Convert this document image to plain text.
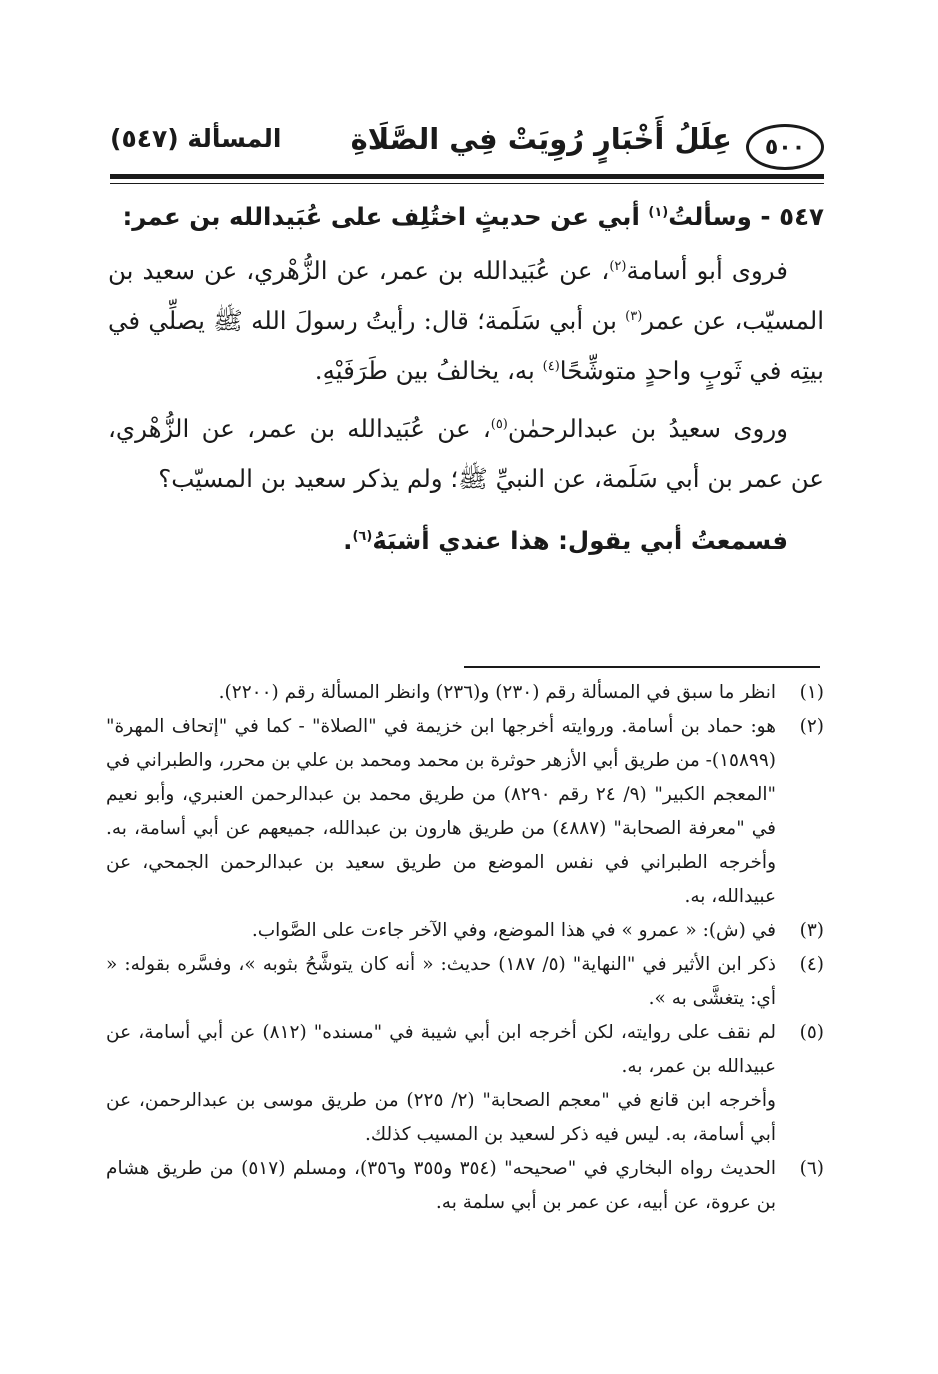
٥٠٠
عِلَلُ أَخْبَارٍ رُوِيَتْ فِي الصَّلَاةِ
المسألة (٥٤٧)

٥٤٧ - وسألتُ$^{(١)}$ أبي عن حديثٍ اختُلِف على عُبَيدالله بن عمر:

فروى أبو أسامة$^{(٢)}$، عن عُبَيدالله بن عمر، عن الزُّهْري، عن سعيد بن المسيّب، عن عمر$^{(٣)}$ بن أبي سَلَمة؛ قال: رأيتُ رسولَ الله ﷺ يصلِّي في بيتِه في ثَوبٍ واحدٍ متوشِّحًا$^{(٤)}$ به، يخالفُ بين طَرَفَيْهِ.

وروى سعيدُ بن عبدالرحمٰن$^{(٥)}$، عن عُبَيدالله بن عمر، عن الزُّهْري، عن عمر بن أبي سَلَمة، عن النبيِّ ﷺ؛ ولم يذكر سعيد بن المسيّب؟

فسمعتُ أبي يقول: هذا عندي أشبَهُ$^{(٦)}$.

(١)

انظر ما سبق في المسألة رقم (٢٣٠) و(٢٣٦) وانظر المسألة رقم (٢٢٠٠).

(٢)

هو: حماد بن أسامة. وروايته أخرجها ابن خزيمة في "الصلاة" - كما في "إتحاف المهرة" (١٥٨٩٩)- من طريق أبي الأزهر حوثرة بن محمد ومحمد بن علي بن محرر، والطبراني في "المعجم الكبير" (٩/ ٢٤ رقم ٨٢٩٠) من طريق محمد بن عبدالرحمن العنبري، وأبو نعيم في "معرفة الصحابة" (٤٨٨٧) من طريق هارون بن عبدالله، جميعهم عن أبي أسامة، به. وأخرجه الطبراني في نفس الموضع من طريق سعيد بن عبدالرحمن الجمحي، عن عبيدالله، به.

(٣)

في (ش): « عمرو » في هذا الموضع، وفي الآخر جاءت على الصَّواب.

(٤)

ذكر ابن الأثير في "النهاية" (٥/ ١٨٧) حديث: « أنه كان يتوشَّحُ بثوبه »، وفسَّره بقوله: « أي: يتغشَّى به ».

(٥)

لم نقف على روايته، لكن أخرجه ابن أبي شيبة في "مسنده" (٨١٢) عن أبي أسامة، عن عبيدالله بن عمر، به.

وأخرجه ابن قانع في "معجم الصحابة" (٢/ ٢٢٥) من طريق موسى بن عبدالرحمن، عن أبي أسامة، به. ليس فيه ذكر لسعيد بن المسيب كذلك.

(٦)

الحديث رواه البخاري في "صحيحه" (٣٥٤ و٣٥٥ و٣٥٦)، ومسلم (٥١٧) من طريق هشام بن عروة، عن أبيه، عن عمر بن أبي سلمة به.
